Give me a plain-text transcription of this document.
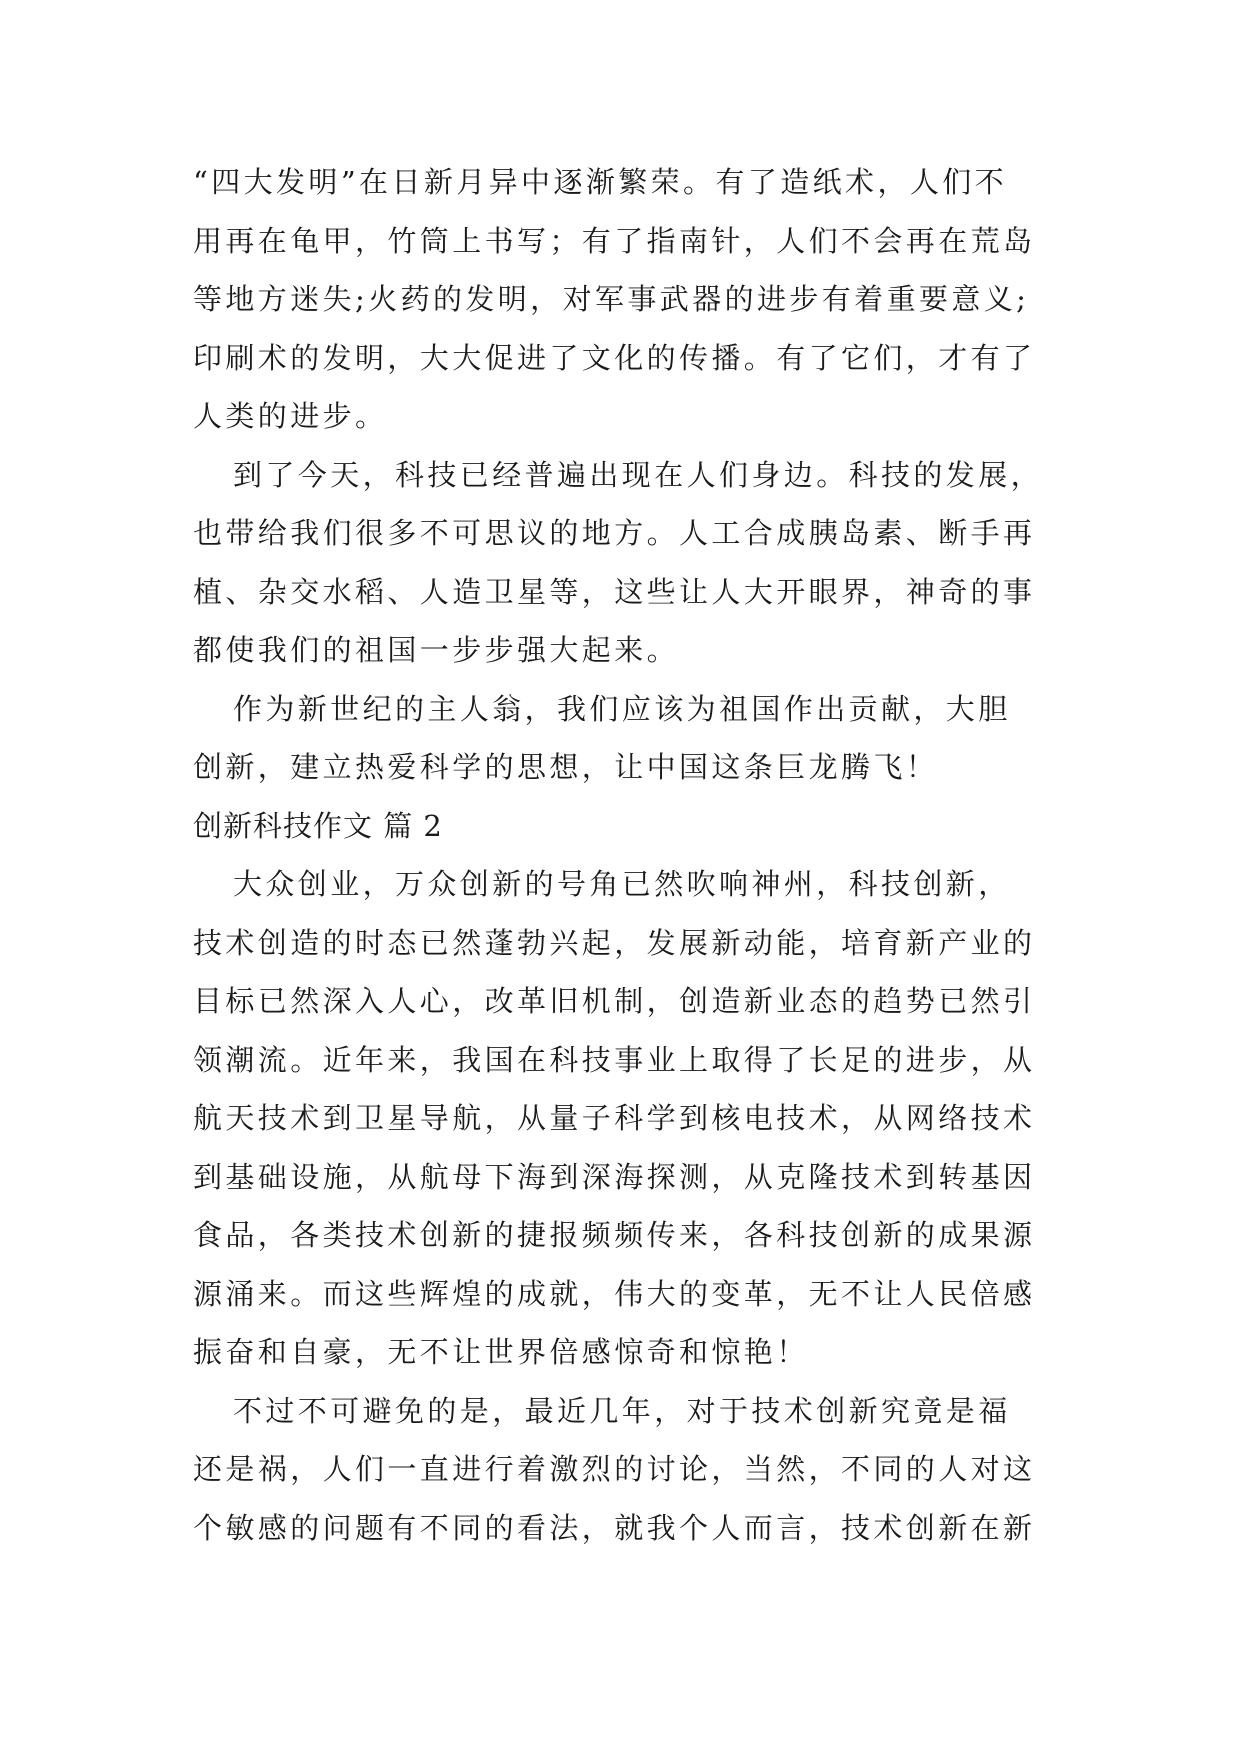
“四大发明”在日新月异中逐渐繁荣。有了造纸术，人们不
用再在龟甲，竹筒上书写；有了指南针，人们不会再在荒岛
等地方迷失;火药的发明，对军事武器的进步有着重要意义;
印刷术的发明，大大促进了文化的传播。有了它们，才有了
人类的进步。
到了今天，科技已经普遍出现在人们身边。科技的发展，
也带给我们很多不可思议的地方。人工合成胰岛素、断手再
植、杂交水稻、人造卫星等，这些让人大开眼界，神奇的事
都使我们的祖国一步步强大起来。
作为新世纪的主人翁，我们应该为祖国作出贡献，大胆
创新，建立热爱科学的思想，让中国这条巨龙腾飞！
创新科技作文 篇 2
大众创业，万众创新的号角已然吹响神州，科技创新，
技术创造的时态已然蓬勃兴起，发展新动能，培育新产业的
目标已然深入人心，改革旧机制，创造新业态的趋势已然引
领潮流。近年来，我国在科技事业上取得了长足的进步，从
航天技术到卫星导航，从量子科学到核电技术，从网络技术
到基础设施，从航母下海到深海探测，从克隆技术到转基因
食品，各类技术创新的捷报频频传来，各科技创新的成果源
源涌来。而这些辉煌的成就，伟大的变革，无不让人民倍感
振奋和自豪，无不让世界倍感惊奇和惊艳！
不过不可避免的是，最近几年，对于技术创新究竟是福
还是祸，人们一直进行着激烈的讨论，当然，不同的人对这
个敏感的问题有不同的看法，就我个人而言，技术创新在新
